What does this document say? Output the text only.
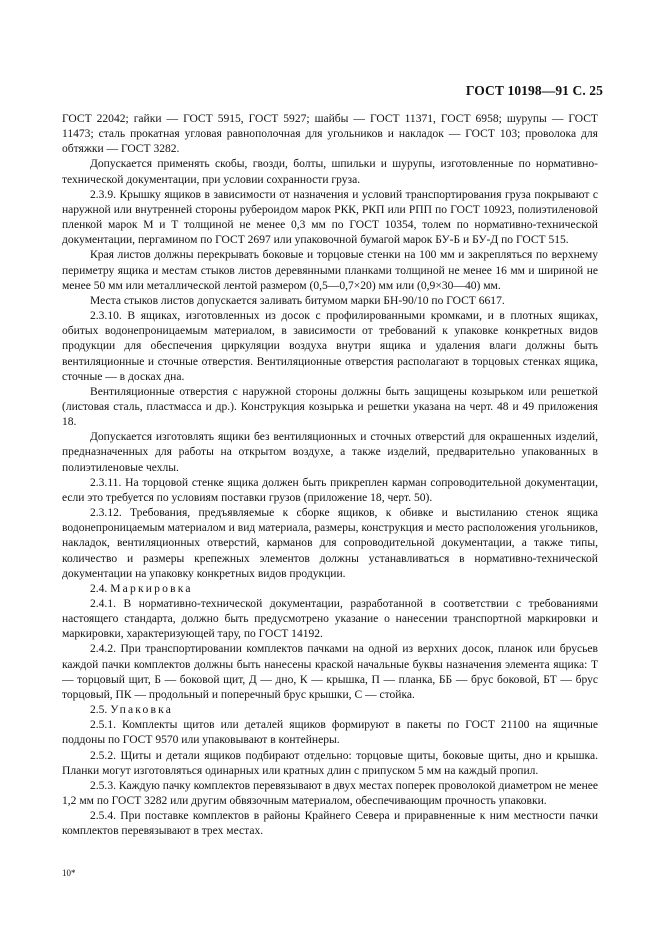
ГОСТ 10198—91 С. 25

ГОСТ 22042; гайки — ГОСТ 5915, ГОСТ 5927; шайбы — ГОСТ 11371, ГОСТ 6958; шурупы — ГОСТ 11473; сталь прокатная угловая равнополочная для угольников и накладок — ГОСТ 103; проволока для обтяжки — ГОСТ 3282.

Допускается применять скобы, гвозди, болты, шпильки и шурупы, изготовленные по нормативно-технической документации, при условии сохранности груза.

2.3.9. Крышку ящиков в зависимости от назначения и условий транспортирования груза покрывают с наружной или внутренней стороны рубероидом марок РКК, РКП или РПП по ГОСТ 10923, полиэтиленовой пленкой марок М и Т толщиной не менее 0,3 мм по ГОСТ 10354, толем по нормативно-технической документации, пергамином по ГОСТ 2697 или упаковочной бумагой марок БУ-Б и БУ-Д по ГОСТ 515.

Края листов должны перекрывать боковые и торцовые стенки на 100 мм и закрепляться по верхнему периметру ящика и местам стыков листов деревянными планками толщиной не менее 16 мм и шириной не менее 50 мм или металлической лентой размером (0,5—0,7×20) мм или (0,9×30—40) мм.

Места стыков листов допускается заливать битумом марки БН-90/10 по ГОСТ 6617.

2.3.10. В ящиках, изготовленных из досок с профилированными кромками, и в плотных ящиках, обитых водонепроницаемым материалом, в зависимости от требований к упаковке конкретных видов продукции для обеспечения циркуляции воздуха внутри ящика и удаления влаги должны быть вентиляционные и сточные отверстия. Вентиляционные отверстия располагают в торцовых стенках ящика, сточные — в досках дна.

Вентиляционные отверстия с наружной стороны должны быть защищены козырьком или решеткой (листовая сталь, пластмасса и др.). Конструкция козырька и решетки указана на черт. 48 и 49 приложения 18.

Допускается изготовлять ящики без вентиляционных и сточных отверстий для окрашенных изделий, предназначенных для работы на открытом воздухе, а также изделий, предварительно упакованных в полиэтиленовые чехлы.

2.3.11. На торцовой стенке ящика должен быть прикреплен карман сопроводительной документации, если это требуется по условиям поставки грузов (приложение 18, черт. 50).

2.3.12. Требования, предъявляемые к сборке ящиков, к обивке и выстиланию стенок ящика водонепроницаемым материалом и вид материала, размеры, конструкция и место расположения угольников, накладок, вентиляционных отверстий, карманов для сопроводительной документации, а также типы, количество и размеры крепежных элементов должны устанавливаться в нормативно-технической документации на упаковку конкретных видов продукции.

2.4. Маркировка

2.4.1. В нормативно-технической документации, разработанной в соответствии с требованиями настоящего стандарта, должно быть предусмотрено указание о нанесении транспортной маркировки и маркировки, характеризующей тару, по ГОСТ 14192.

2.4.2. При транспортировании комплектов пачками на одной из верхних досок, планок или брусьев каждой пачки комплектов должны быть нанесены краской начальные буквы назначения элемента ящика: Т — торцовый щит, Б — боковой щит, Д — дно, К — крышка, П — планка, ББ — брус боковой, БТ — брус торцовый, ПК — продольный и поперечный брус крышки, С — стойка.

2.5. Упаковка

2.5.1. Комплекты щитов или деталей ящиков формируют в пакеты по ГОСТ 21100 на ящичные поддоны по ГОСТ 9570 или упаковывают в контейнеры.

2.5.2. Щиты и детали ящиков подбирают отдельно: торцовые щиты, боковые щиты, дно и крышка. Планки могут изготовляться одинарных или кратных длин с припуском 5 мм на каждый пропил.

2.5.3. Каждую пачку комплектов перевязывают в двух местах поперек проволокой диаметром не менее 1,2 мм по ГОСТ 3282 или другим обвязочным материалом, обеспечивающим прочность упаковки.

2.5.4. При поставке комплектов в районы Крайнего Севера и приравненные к ним местности пачки комплектов перевязывают в трех местах.

10*
